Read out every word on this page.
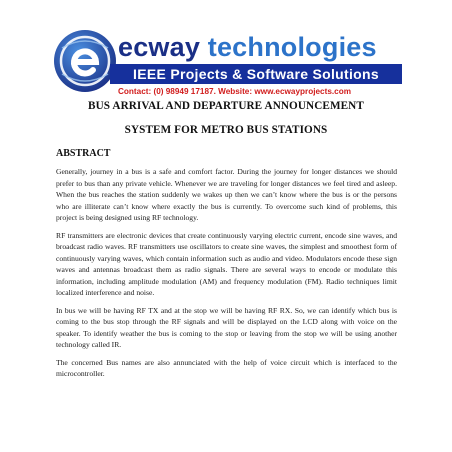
ecway technologies
IEEE Projects & Software Solutions
Contact: (0) 98949 17187. Website: www.ecwayprojects.com
BUS ARRIVAL AND DEPARTURE ANNOUNCEMENT
SYSTEM FOR METRO BUS STATIONS
ABSTRACT

Generally, journey in a bus is a safe and comfort factor. During the journey for longer distances we should prefer to bus than any private vehicle. Whenever we are traveling for longer distances we feel tired and asleep. When the bus reaches the station suddenly we wakes up then we can’t know where the bus is or the persons who are illiterate can’t know where exactly the bus is currently. To overcome such kind of problems, this project is being designed using RF technology.

RF transmitters are electronic devices that create continuously varying electric current, encode sine waves, and broadcast radio waves. RF transmitters use oscillators to create sine waves, the simplest and smoothest form of continuously varying waves, which contain information such as audio and video. Modulators encode these sign waves and antennas broadcast them as radio signals. There are several ways to encode or modulate this information, including amplitude modulation (AM) and frequency modulation (FM). Radio techniques limit localized interference and noise.

In bus we will be having RF TX and at the stop we will be having RF RX. So, we can identify which bus is coming to the bus stop through the RF signals and will be displayed on the LCD along with voice on the speaker. To identify weather the bus is coming to the stop or leaving from the stop we will be using another technology called IR.

The concerned Bus names are also annunciated with the help of voice circuit which is interfaced to the microcontroller.
